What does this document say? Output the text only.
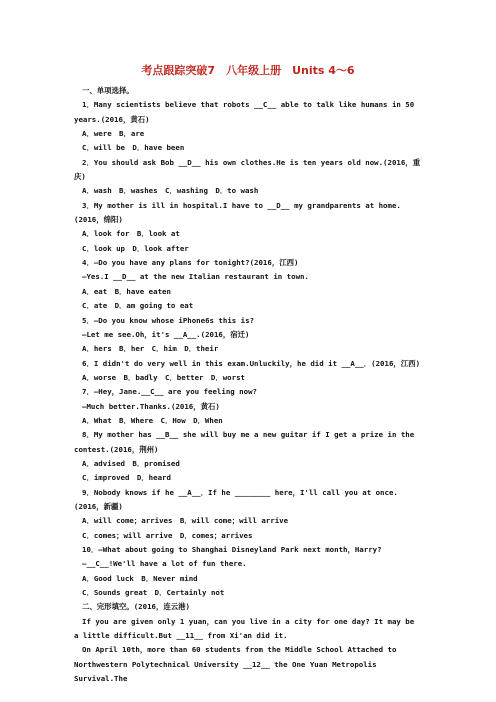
考点跟踪突破7　八年级上册　Units 4～6

一、单项选择。

1．Many scientists believe that robots __C__ able to talk like humans in 50 years.(2016，黄石)

A．were　B．are

C．will be　D．have been

2．You should ask Bob __D__ his own clothes.He is ten years old now.(2016，重庆)

A．wash　B．washes　C．washing　D．to wash

3．My mother is ill in hospital.I have to __D__ my grandparents at home.(2016，绵阳)

A．look for　B．look at

C．look up　D．look after

4．—Do you have any plans for tonight?(2016，江西)

—Yes.I __D__ at the new Italian restaurant in town.

A．eat　B．have eaten

C．ate　D．am going to eat

5．—Do you know whose iPhone6s this is?

—Let me see.Oh，it's __A__.(2016，宿迁)

A．hers　B．her　C．him　D．their

6．I didn't do very well in this exam.Unluckily，he did it __A__．(2016，江西)

A．worse　B．badly　C．better　D．worst

7．—Hey，Jane.__C__ are you feeling now?

—Much better.Thanks.(2016，黄石)

A．What　B．Where　C．How　D．When

8．My mother has __B__ she will buy me a new guitar if I get a prize in the contest.(2016，荆州)

A．advised　B．promised

C．improved　D．heard

9．Nobody knows if he __A__．If he ________ here，I'll call you at once.(2016，新疆)

A．will come；arrives　B．will come；will arrive

C．comes；will arrive　D．comes；arrives

10．—What about going to Shanghai Disneyland Park next month，Harry?

—__C__!We'll have a lot of fun there.

A．Good luck　B．Never mind

C．Sounds great　D．Certainly not

二、完形填空。(2016，连云港)

If you are given only 1 yuan，can you live in a city for one day? It may be a little difficult.But __11__ from Xi'an did it.

On April 10th，more than 60 students from the Middle School Attached to Northwestern Polytechnical University __12__ the One Yuan Metropolis Survival.The
